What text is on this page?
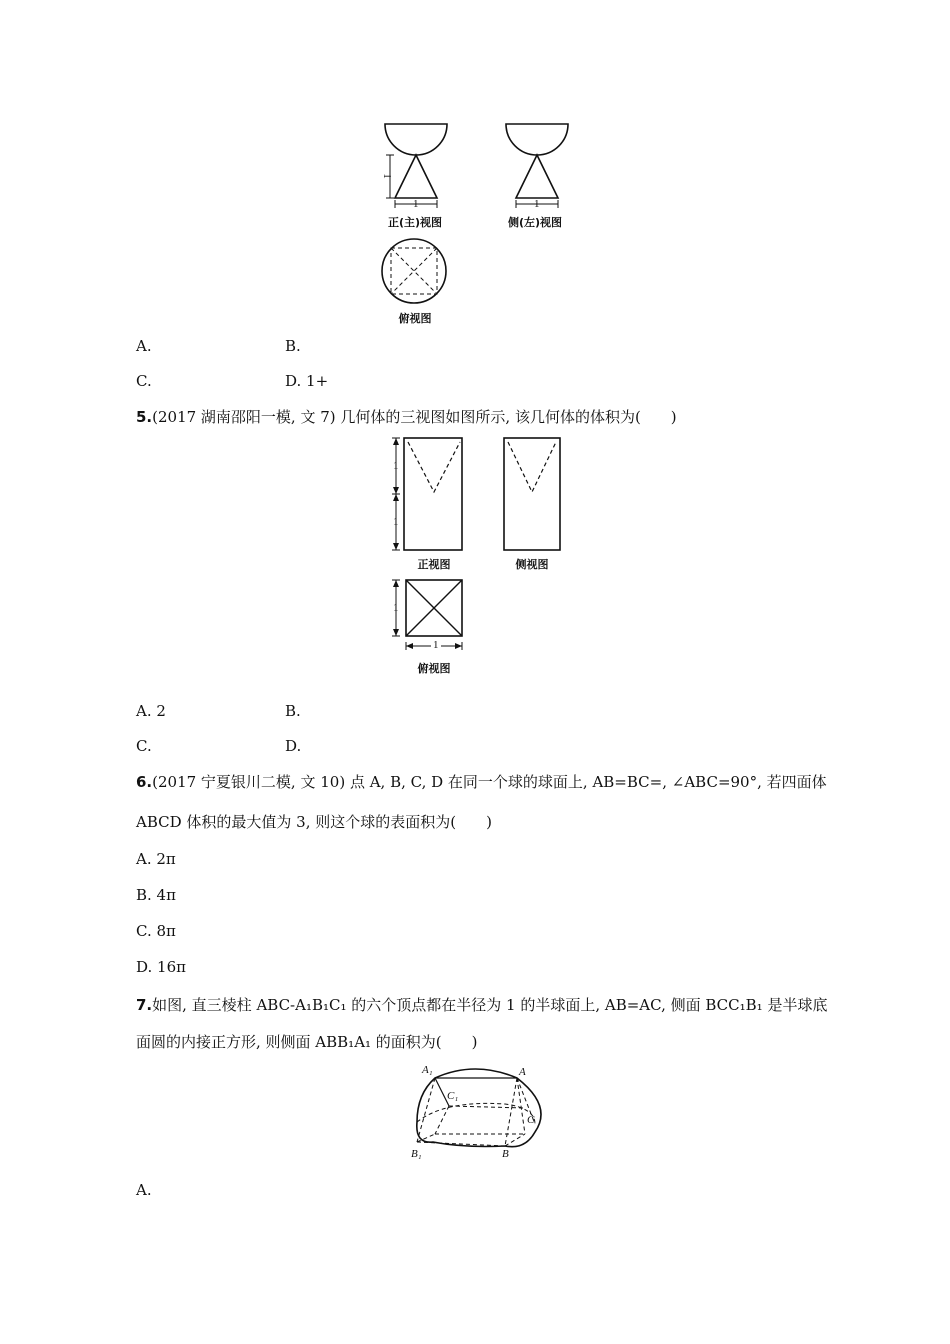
1
1	1
正(主)视图	侧(左)视图
俯视图
A.	B.
C.	D. 1+
5.(2017 湖南邵阳一模, 文 7) 几何体的三视图如图所示, 该几何体的体积为(　　)
1
1
1
1
正视图	侧视图
俯视图
A. 2	B.
C.	D.
6.(2017 宁夏银川二模, 文 10) 点 A, B, C, D 在同一个球的球面上, AB=BC=, ∠ABC=90°, 若四面体
ABCD 体积的最大值为 3, 则这个球的表面积为(　　)
A. 2π
B. 4π
C. 8π
D. 16π
7.如图, 直三棱柱 ABC-A₁B₁C₁ 的六个顶点都在半径为 1 的半球面上, AB=AC, 侧面 BCC₁B₁ 是半球底
面圆的内接正方形, 则侧面 ABB₁A₁ 的面积为(　　)
A₁	A
C₁
C
B₁	B
A.
